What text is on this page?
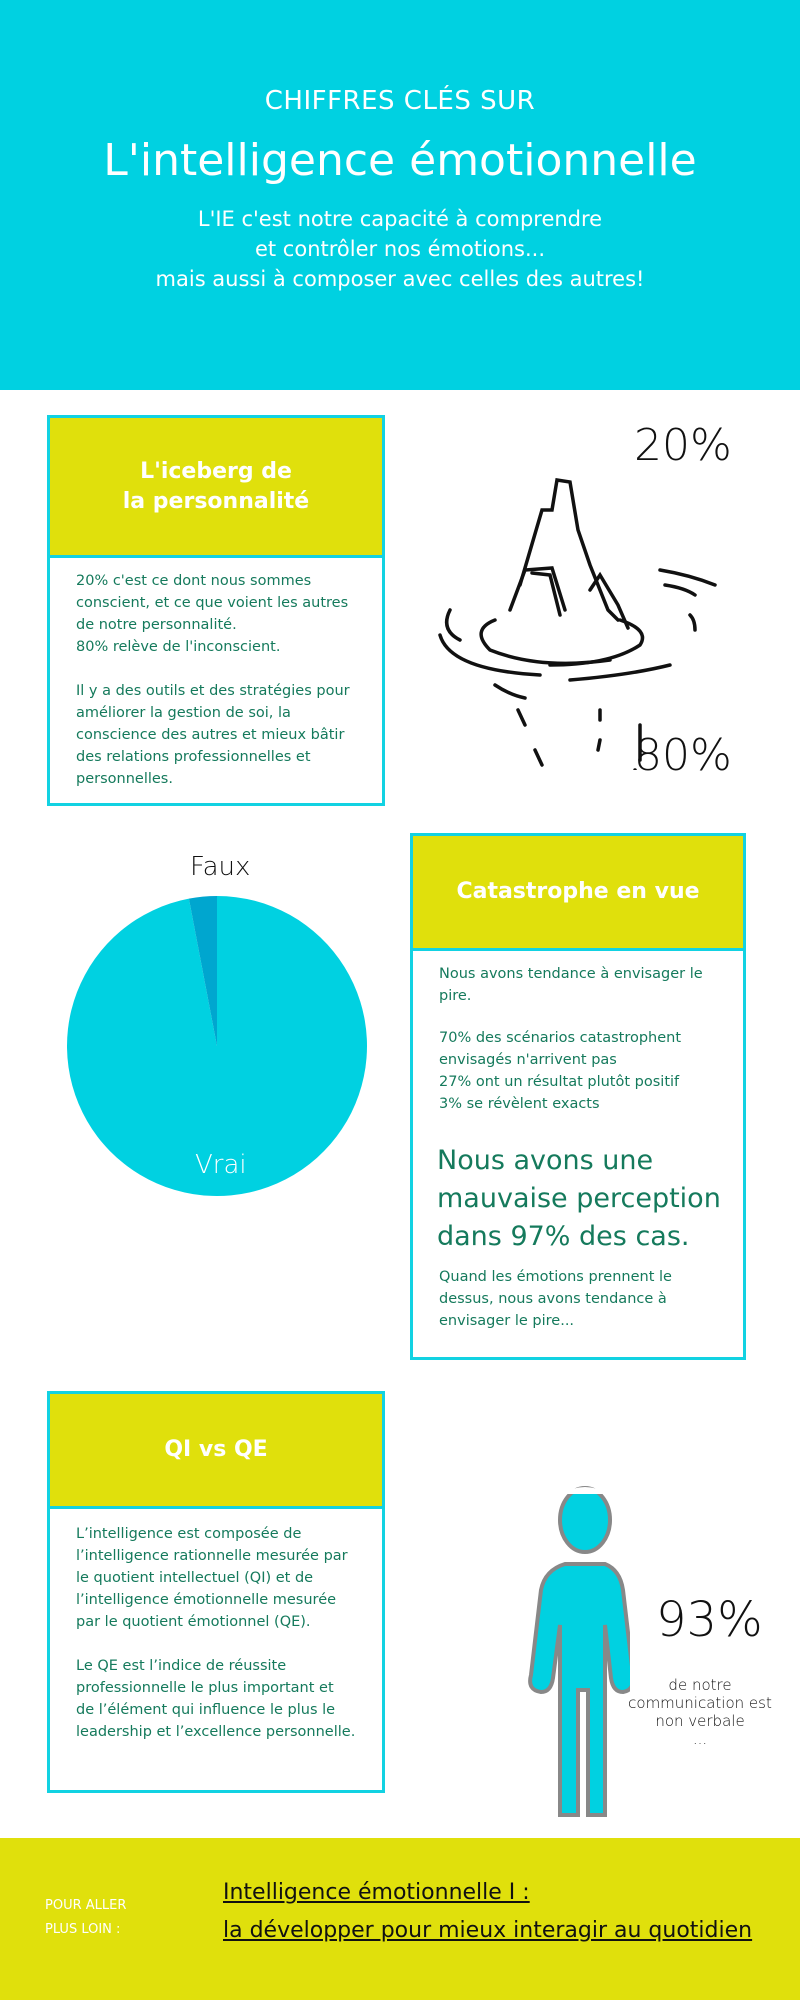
CHIFFRES CLÉS SUR
L'intelligence émotionnelle
L'IE c'est notre capacité à comprendre
et contrôler nos émotions...
mais aussi à composer avec celles des autres!
L'iceberg de
la personnalité
20% c'est ce dont nous sommes conscient, et ce que voient les autres de notre personnalité.
80% relève de l'inconscient.

Il y a des outils et des stratégies pour améliorer la gestion de soi, la conscience des autres et mieux bâtir des relations professionnelles et personnelles.
20%
80%
Faux
Vrai
Catastrophe en vue
Nous avons tendance à envisager le pire.
70% des scénarios catastrophent envisagés n'arrivent pas
27% ont un résultat plutôt positif
3% se révèlent exacts
Nous avons une
mauvaise perception
dans 97% des cas.
Quand les émotions prennent le dessus, nous avons tendance à envisager le pire...
QI vs QE
L’intelligence est composée de l’intelligence rationnelle mesurée par le quotient intellectuel (QI) et de l’intelligence émotionnelle mesurée par le quotient émotionnel (QE).

Le QE est l’indice de réussite professionnelle le plus important et de l’élément qui influence le plus le leadership et l’excellence personnelle.
93%
de notre
communication est
non verbale
...
POUR ALLER
PLUS LOIN :
Intelligence émotionnelle I :
la développer pour mieux interagir au quotidien
